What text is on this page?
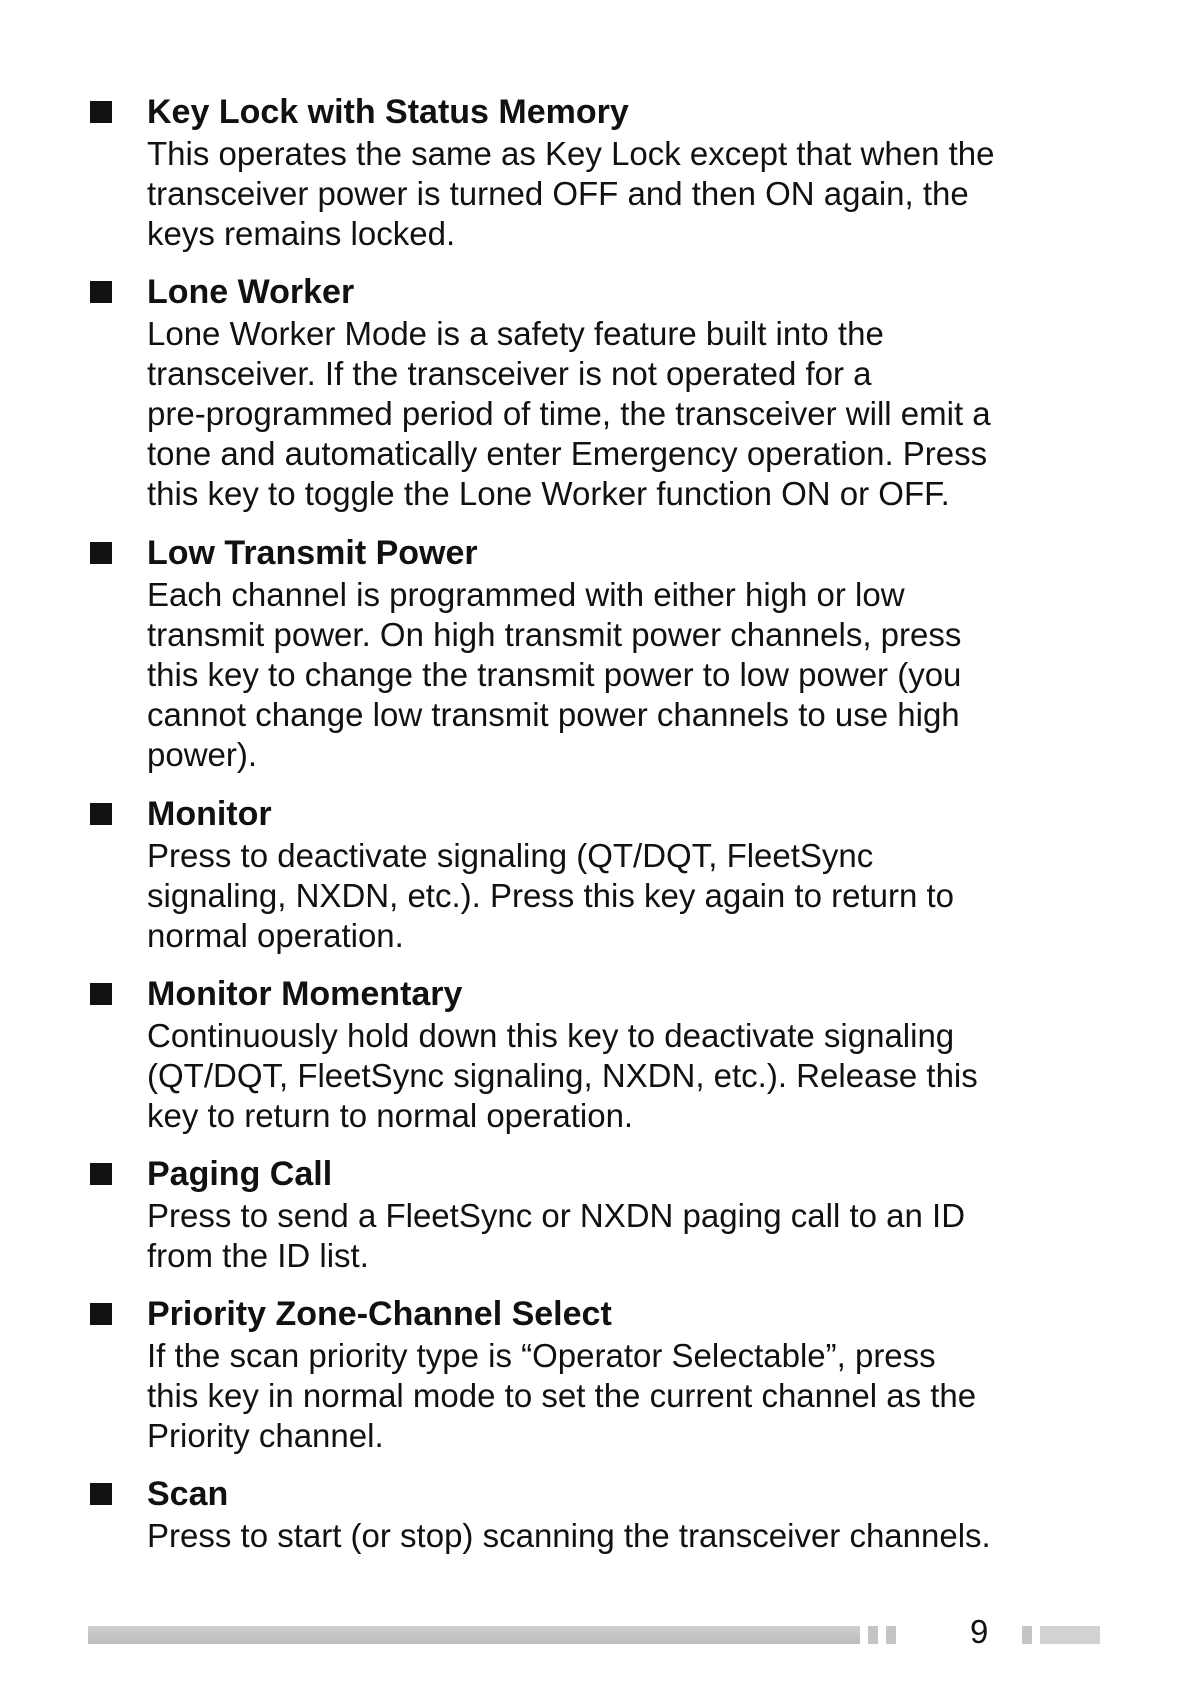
Key Lock with Status Memory
This operates the same as Key Lock except that when the
transceiver power is turned OFF and then ON again, the
keys remains locked.
Lone Worker
Lone Worker Mode is a safety feature built into the
transceiver. If the transceiver is not operated for a
pre-programmed period of time, the transceiver will emit a
tone and automatically enter Emergency operation. Press
this key to toggle the Lone Worker function ON or OFF.
Low Transmit Power
Each channel is programmed with either high or low
transmit power. On high transmit power channels, press
this key to change the transmit power to low power (you
cannot change low transmit power channels to use high
power).
Monitor
Press to deactivate signaling (QT/DQT, FleetSync
signaling, NXDN, etc.). Press this key again to return to
normal operation.
Monitor Momentary
Continuously hold down this key to deactivate signaling
(QT/DQT, FleetSync signaling, NXDN, etc.). Release this
key to return to normal operation.
Paging Call
Press to send a FleetSync or NXDN paging call to an ID
from the ID list.
Priority Zone-Channel Select
If the scan priority type is “Operator Selectable”, press
this key in normal mode to set the current channel as the
Priority channel.
Scan
Press to start (or stop) scanning the transceiver channels.
9
